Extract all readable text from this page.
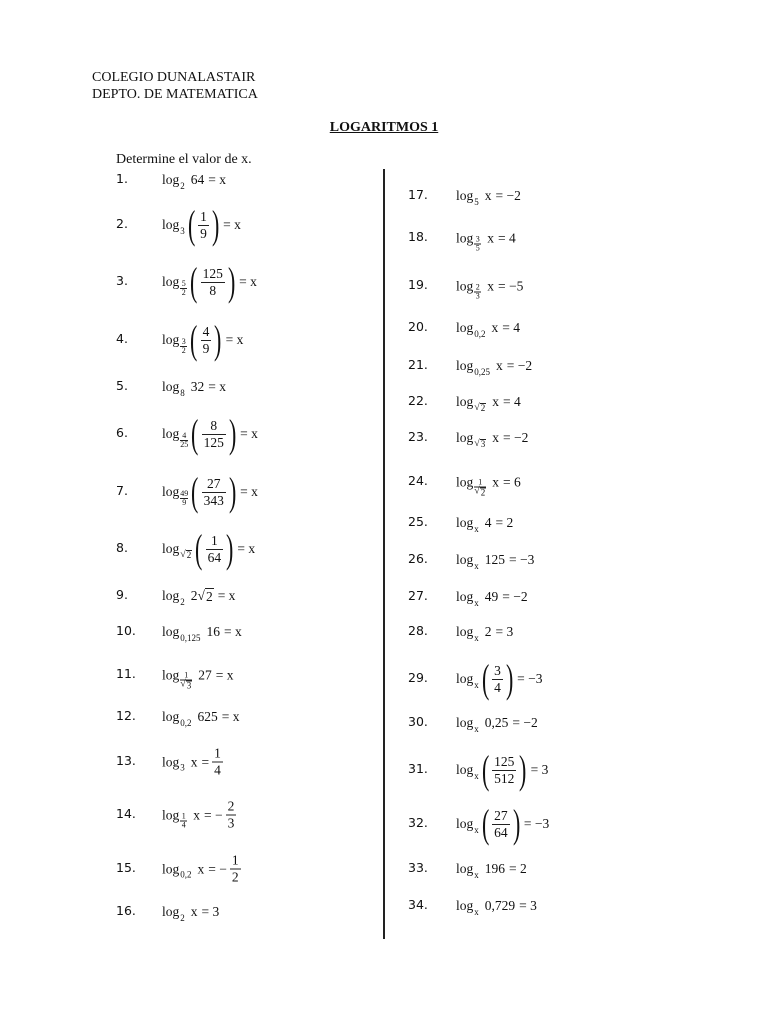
COLEGIO DUNALASTAIR
DEPTO. DE MATEMATICA
LOGARITMOS 1
Determine el valor de x.
1.	log 2 64 = x
2.	log 3 ( $\frac{1}{9}$ ) = x
3.	log 5
2 ( $\frac{125}{8}$ ) = x
4.	log 3
2 ( $\frac{4}{9}$ ) = x
5.	log 8 32 = x
6.	log 4
25 ( $\frac{8}{125}$ ) = x
7.	log 49
9 ( $\frac{27}{343}$ ) = x
8.	log √ 2 ( $\frac{1}{64}$ ) = x
9.	log 2 2 √ 2 = x
10. log 0,125 16 = x
11. log 1
√ 3
27 = x
12. log 0,2 625 = x
13. log 3 $x = \frac{1}{4}$
14. log 1
4
x = − $\frac{2}{3}$
15. log 0,2 x = − $\frac{1}{2}$
16. log 2 x = 3
17. log 5 x = −2
18. log 3
5
x = 4
19. log 2
3
x = −5
20. log 0,2 x = 4
21. log 0,25 x = −2
22. log √ 2 x = 4
23. log √ 3 x = −2
24. log 1
√ 2
x = 6
25. log x 4 = 2
26. log x 125 = −3
27. log x 49 = −2
28. log x 2 = 3
29. log x ( $\frac{3}{4}$ ) = −3
30. log x 0,25 = −2
31. log x ( $\frac{125}{512}$ ) = 3
32. log x ( $\frac{27}{64}$ ) = −3
33. log x 196 = 2
34. log x 0,729 = 3
